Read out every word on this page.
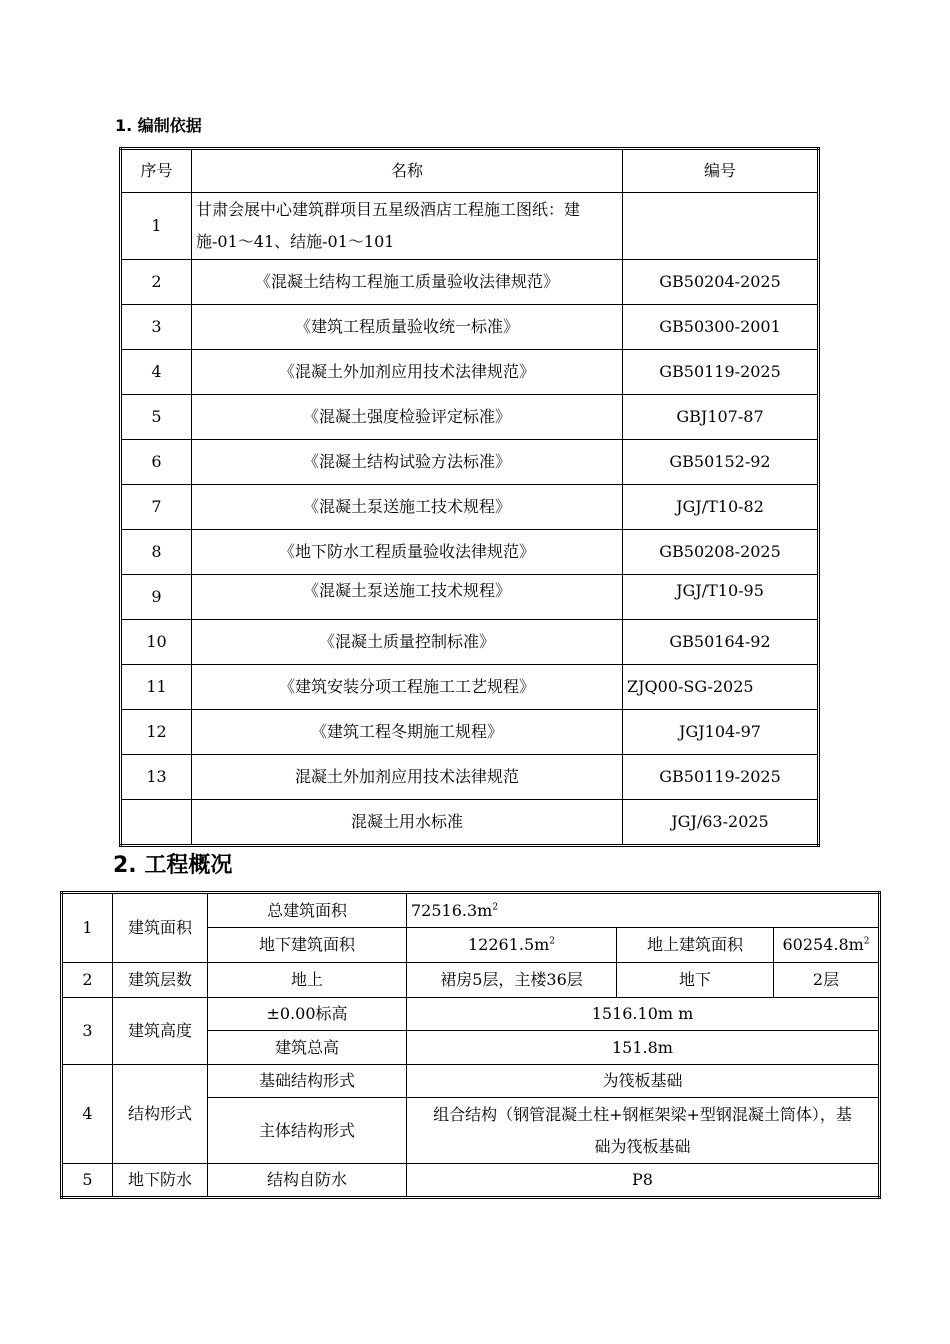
1. 编制依据
序号	名称	编号
1	甘肃会展中心建筑群项目五星级酒店工程施工图纸：建施-01～41、结施-01～101	
2	《混凝土结构工程施工质量验收法律规范》	GB50204-2025
3	《建筑工程质量验收统一标准》	GB50300-2001
4	《混凝土外加剂应用技术法律规范》	GB50119-2025
5	《混凝土强度检验评定标准》	GBJ107-87
6	《混凝土结构试验方法标准》	GB50152-92
7	《混凝土泵送施工技术规程》	JGJ/T10-82
8	《地下防水工程质量验收法律规范》	GB50208-2025
9	《混凝土泵送施工技术规程》	JGJ/T10-95
10	《混凝土质量控制标准》	GB50164-92
11	《建筑安装分项工程施工工艺规程》	ZJQ00-SG-2025
12	《建筑工程冬期施工规程》	JGJ104-97
13	混凝土外加剂应用技术法律规范	GB50119-2025
	混凝土用水标准	JGJ/63-2025
2. 工程概况
1	建筑面积	总建筑面积	$72516.3m^2$
		地下建筑面积	$12261.5m^2$	地上建筑面积	$60254.8m^2$
2	建筑层数	地上	裙房5层，主楼36层	地下	2层
3	建筑高度	±0.00标高	1516.10m m		
		建筑总高	151.8m		
4	结构形式	基础结构形式	为筏板基础		
		主体结构形式	组合结构（钢管混凝土柱+钢框架梁+型钢混凝土筒体），基础为筏板基础		
5	地下防水	结构自防水	P8		
